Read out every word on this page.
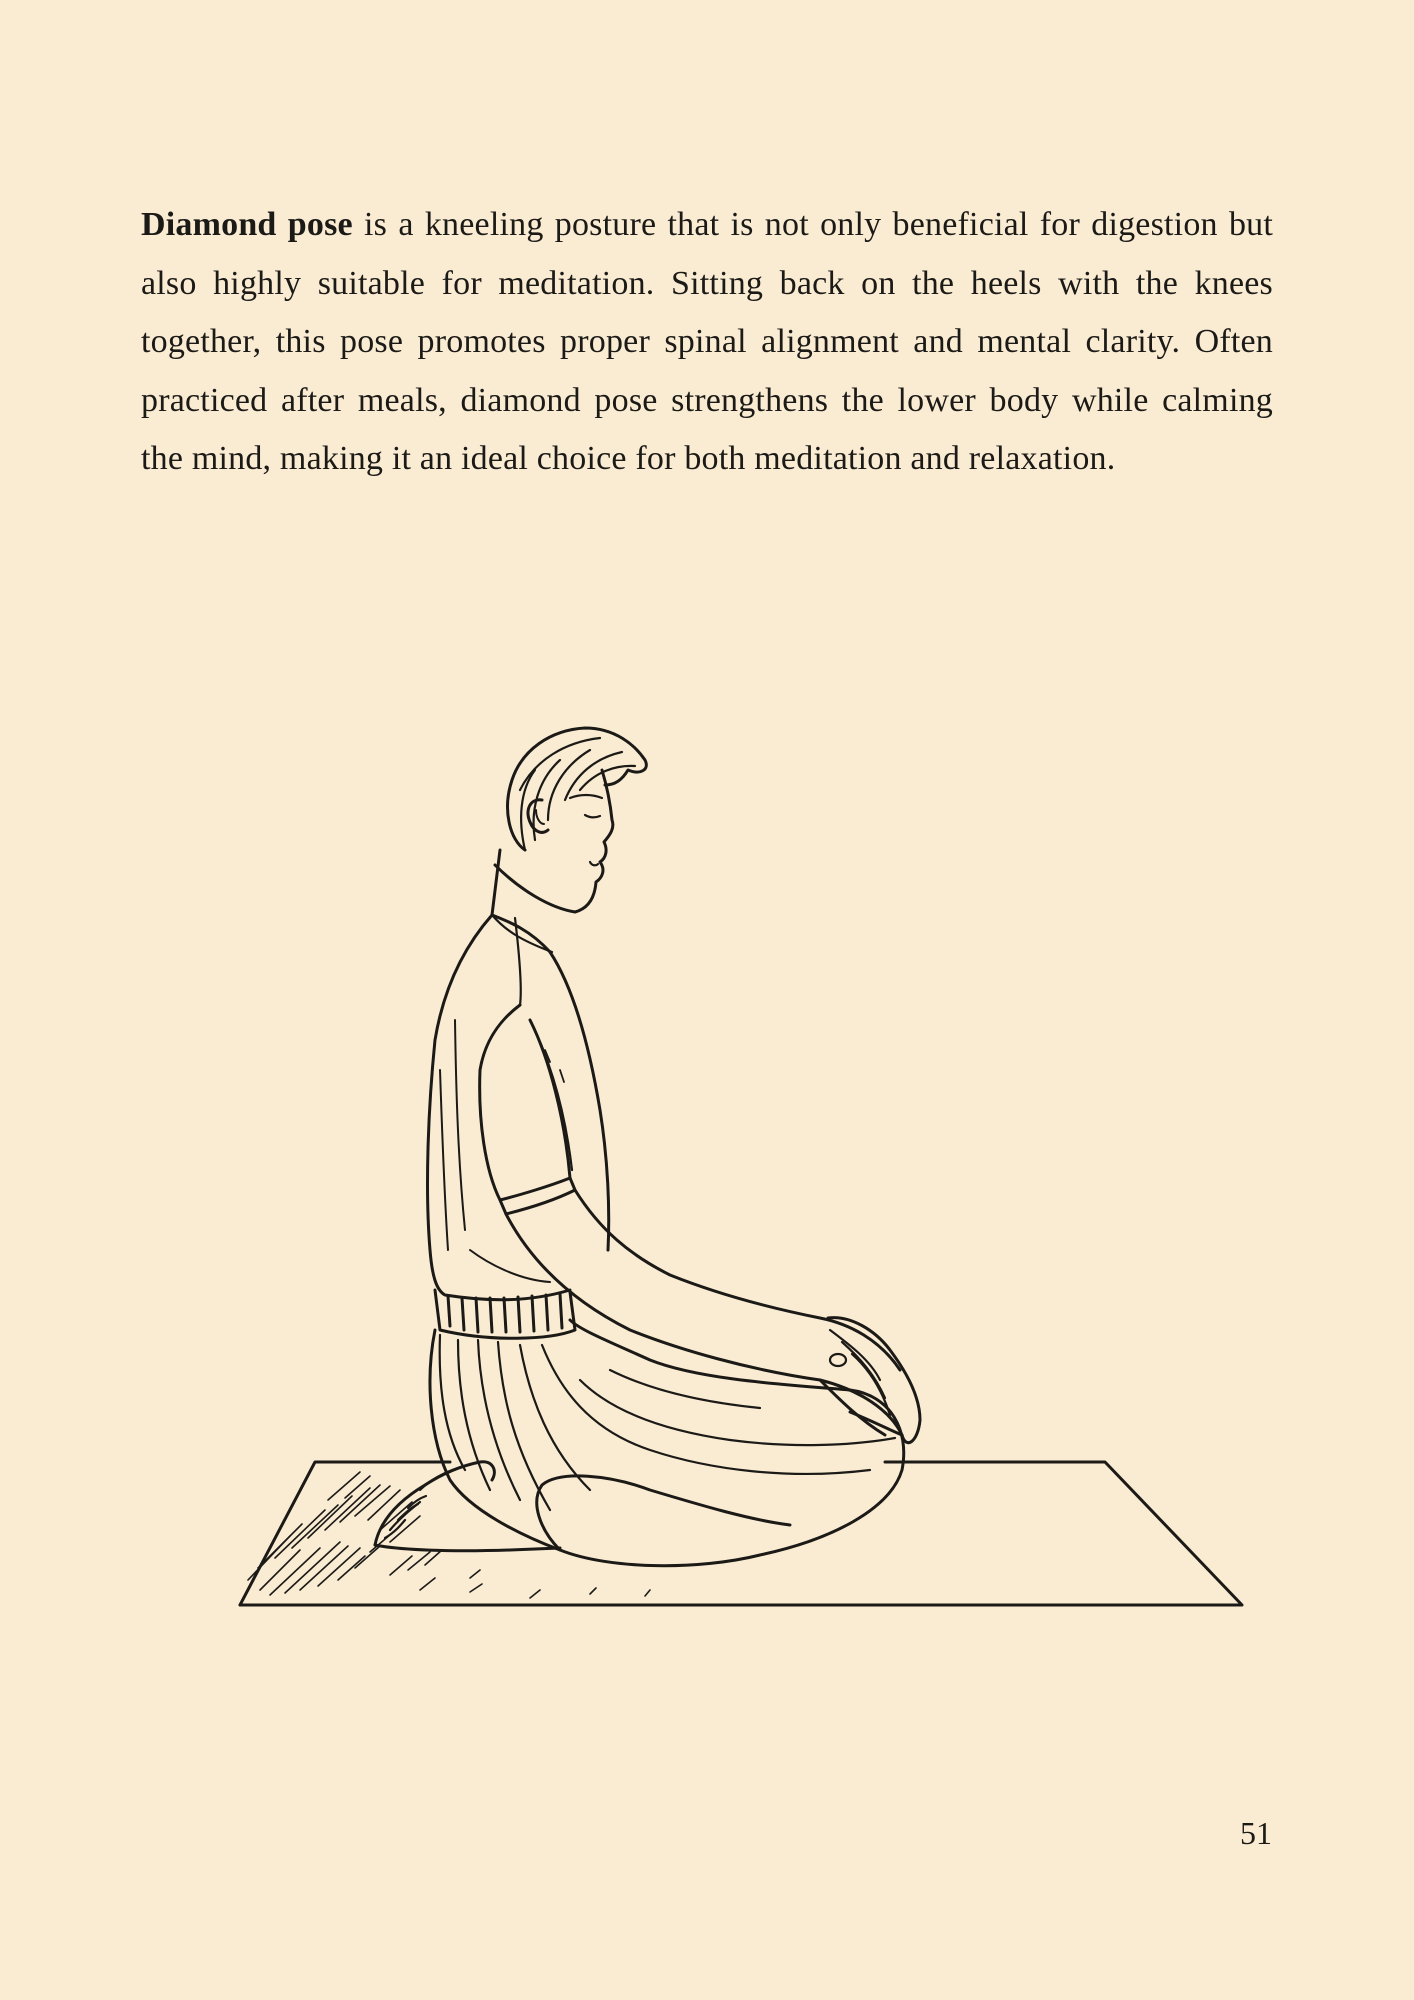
Diamond pose is a kneeling posture that is not only beneficial for digestion but also highly suitable for meditation. Sitting back on the heels with the knees together, this pose promotes proper spinal alignment and mental clarity. Often practiced after meals, diamond pose strengthens the lower body while calming the mind, making it an ideal choice for both meditation and relaxation.

51
